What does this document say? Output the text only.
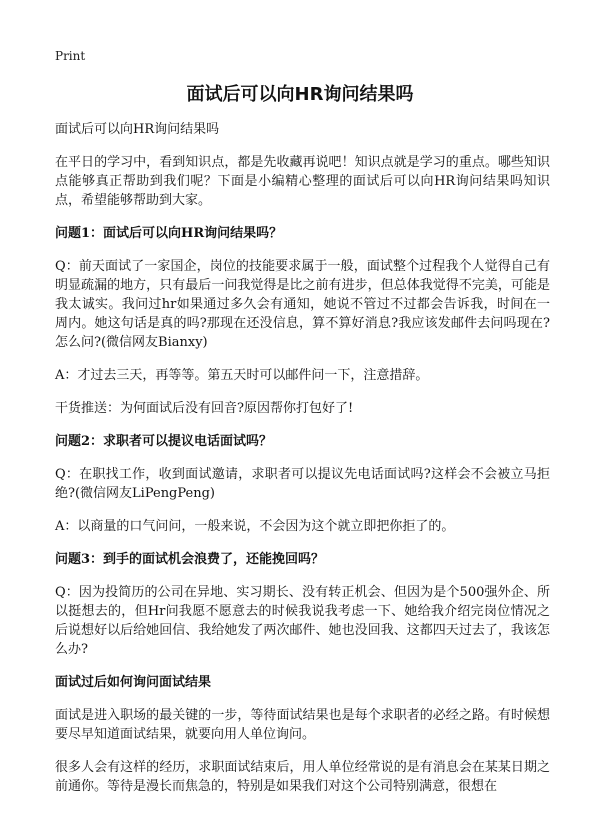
Print
面试后可以向HR询问结果吗

面试后可以向HR询问结果吗

在平日的学习中，看到知识点，都是先收藏再说吧！知识点就是学习的重点。哪些知识点能够真正帮助到我们呢？下面是小编精心整理的面试后可以向HR询问结果吗知识点，希望能够帮助到大家。

问题1：面试后可以向HR询问结果吗？

Q：前天面试了一家国企，岗位的技能要求属于一般，面试整个过程我个人觉得自己有明显疏漏的地方，只有最后一问我觉得是比之前有进步，但总体我觉得不完美，可能是我太诚实。我问过hr如果通过多久会有通知，她说不管过不过都会告诉我，时间在一周内。她这句话是真的吗?那现在还没信息，算不算好消息?我应该发邮件去问吗现在?怎么问?(微信网友Bianxy)

A：才过去三天，再等等。第五天时可以邮件问一下，注意措辞。

干货推送：为何面试后没有回音?原因帮你打包好了!

问题2：求职者可以提议电话面试吗？

Q：在职找工作，收到面试邀请，求职者可以提议先电话面试吗?这样会不会被立马拒绝?(微信网友LiPengPeng)

A：以商量的口气问问，一般来说，不会因为这个就立即把你拒了的。

问题3：到手的面试机会浪费了，还能挽回吗？

Q：因为投简历的公司在异地、实习期长、没有转正机会、但因为是个500强外企、所以挺想去的，但Hr问我愿不愿意去的时候我说我考虑一下、她给我介绍完岗位情况之后说想好以后给她回信、我给她发了两次邮件、她也没回我、这都四天过去了，我该怎么办?

面试过后如何询问面试结果

面试是进入职场的最关键的一步，等待面试结果也是每个求职者的必经之路。有时候想要尽早知道面试结果，就要向用人单位询问。

很多人会有这样的经历，求职面试结束后，用人单位经常说的是有消息会在某某日期之前通你。等待是漫长而焦急的，特别是如果我们对这个公司特别满意，很想在
